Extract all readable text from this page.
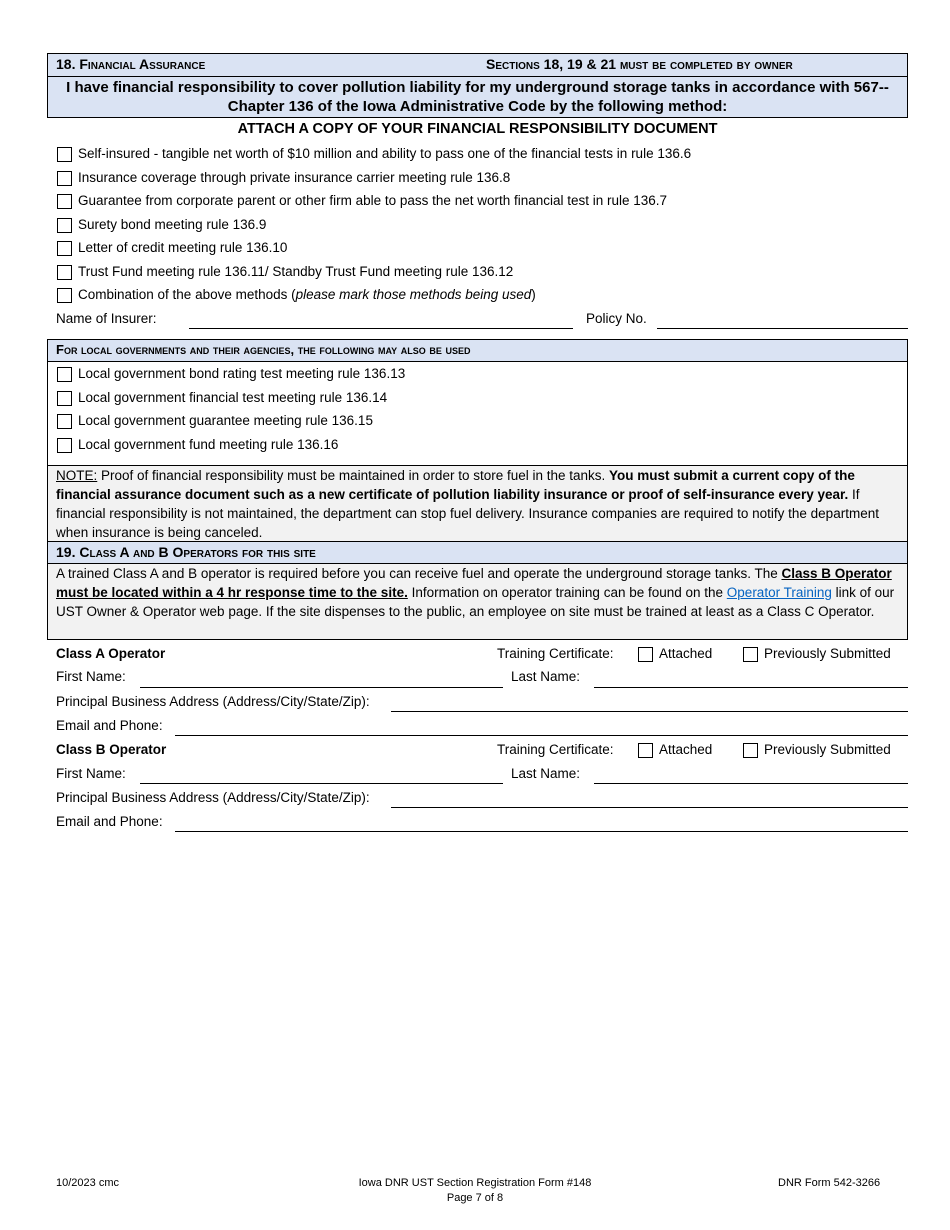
18. Financial Assurance	Sections 18, 19 & 21 must be completed by owner
I have financial responsibility to cover pollution liability for my underground storage tanks in accordance with 567--Chapter 136 of the Iowa Administrative Code by the following method:
ATTACH A COPY OF YOUR FINANCIAL RESPONSIBILITY DOCUMENT
Self-insured - tangible net worth of $10 million and ability to pass one of the financial tests in rule 136.6
Insurance coverage through private insurance carrier meeting rule 136.8
Guarantee from corporate parent or other firm able to pass the net worth financial test in rule 136.7
Surety bond meeting rule 136.9
Letter of credit meeting rule 136.10
Trust Fund meeting rule 136.11/ Standby Trust Fund meeting rule 136.12
Combination of the above methods (please mark those methods being used)
Name of Insurer:	Policy No.
For local governments and their agencies, the following may also be used
Local government bond rating test meeting rule 136.13
Local government financial test meeting rule 136.14
Local government guarantee meeting rule 136.15
Local government fund meeting rule 136.16
NOTE: Proof of financial responsibility must be maintained in order to store fuel in the tanks. You must submit a current copy of the financial assurance document such as a new certificate of pollution liability insurance or proof of self-insurance every year. If financial responsibility is not maintained, the department can stop fuel delivery. Insurance companies are required to notify the department when insurance is being canceled.
19. Class A and B Operators for this site
A trained Class A and B operator is required before you can receive fuel and operate the underground storage tanks. The Class B Operator must be located within a 4 hr response time to the site. Information on operator training can be found on the Operator Training link of our UST Owner & Operator web page. If the site dispenses to the public, an employee on site must be trained at least as a Class C Operator.
Class A Operator	Training Certificate:	Attached	Previously Submitted
First Name:	Last Name:
Principal Business Address (Address/City/State/Zip):
Email and Phone:
Class B Operator	Training Certificate:	Attached	Previously Submitted
First Name:	Last Name:
Principal Business Address (Address/City/State/Zip):
Email and Phone:
10/2023 cmc	Iowa DNR UST Section Registration Form #148
Page 7 of 8
DNR Form 542-3266
